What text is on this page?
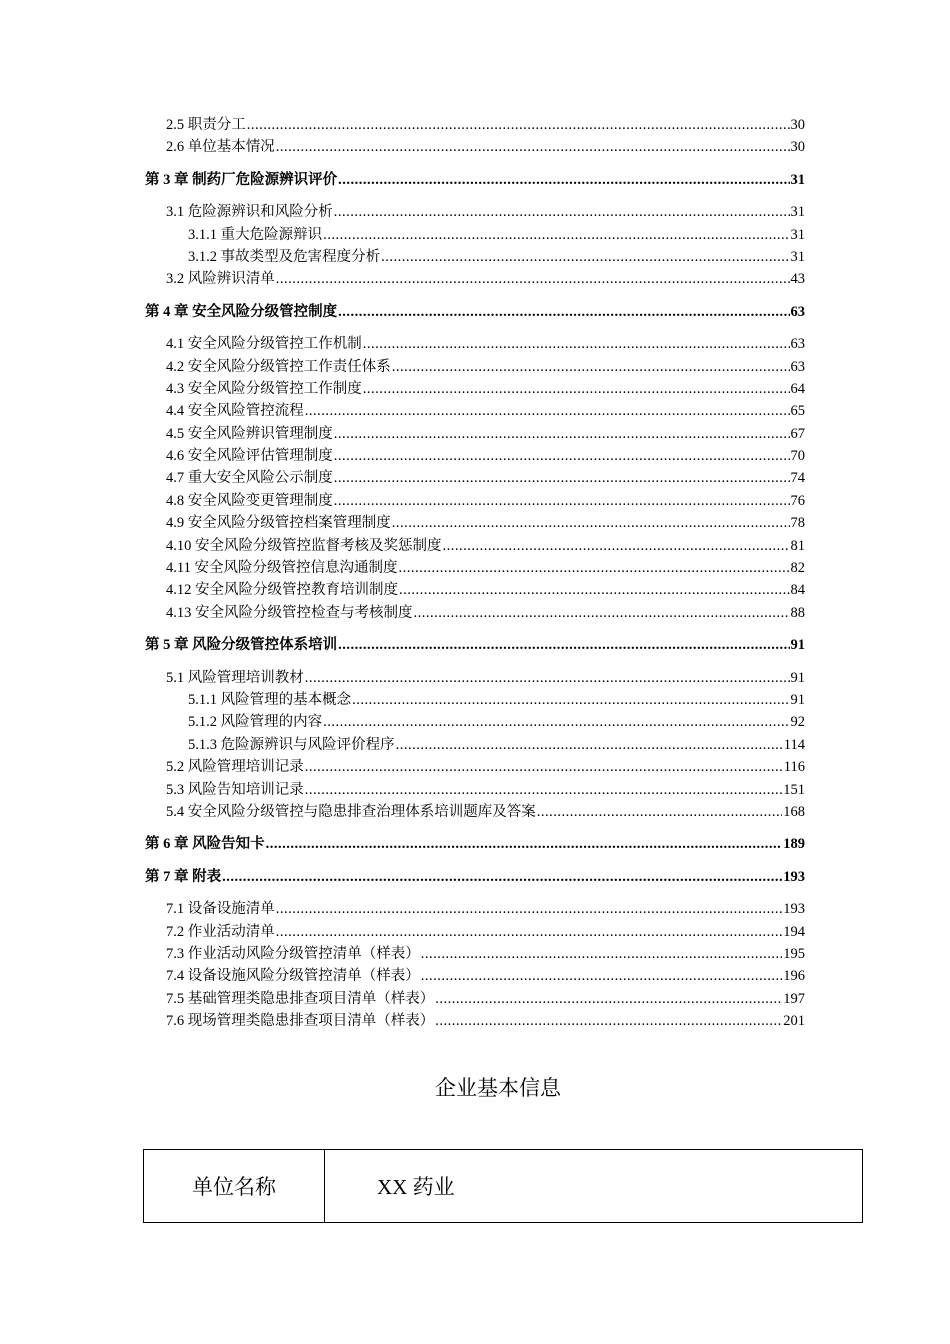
2.5 职责分工 .....	30
2.6 单位基本情况 .....	30
第 3 章 制药厂危险源辨识评价 .....	31
3.1 危险源辨识和风险分析 .....	31
3.1.1 重大危险源辩识 .....	31
3.1.2 事故类型及危害程度分析 .....	31
3.2 风险辨识清单 .....	43
第 4 章 安全风险分级管控制度 .....	63
4.1 安全风险分级管控工作机制 .....	63
4.2 安全风险分级管控工作责任体系 .....	63
4.3 安全风险分级管控工作制度 .....	64
4.4 安全风险管控流程 .....	65
4.5 安全风险辨识管理制度 .....	67
4.6 安全风险评估管理制度 .....	70
4.7 重大安全风险公示制度 .....	74
4.8 安全风险变更管理制度 .....	76
4.9 安全风险分级管控档案管理制度 .....	78
4.10 安全风险分级管控监督考核及奖惩制度 .....	81
4.11 安全风险分级管控信息沟通制度 .....	82
4.12 安全风险分级管控教育培训制度 .....	84
4.13 安全风险分级管控检查与考核制度 .....	88
第 5 章 风险分级管控体系培训 .....	91
5.1 风险管理培训教材 .....	91
5.1.1 风险管理的基本概念 .....	91
5.1.2 风险管理的内容 .....	92
5.1.3 危险源辨识与风险评价程序 .....	114
5.2 风险管理培训记录 .....	116
5.3 风险告知培训记录 .....	151
5.4 安全风险分级管控与隐患排查治理体系培训题库及答案 .....	168
第 6 章 风险告知卡 .....	189
第 7 章 附表 .....	193
7.1 设备设施清单 .....	193
7.2 作业活动清单 .....	194
7.3 作业活动风险分级管控清单（样表） .....	195
7.4 设备设施风险分级管控清单（样表） .....	196
7.5 基础管理类隐患排查项目清单（样表） .....	197
7.6 现场管理类隐患排查项目清单（样表） .....	201
企业基本信息
单位名称	XX 药业
